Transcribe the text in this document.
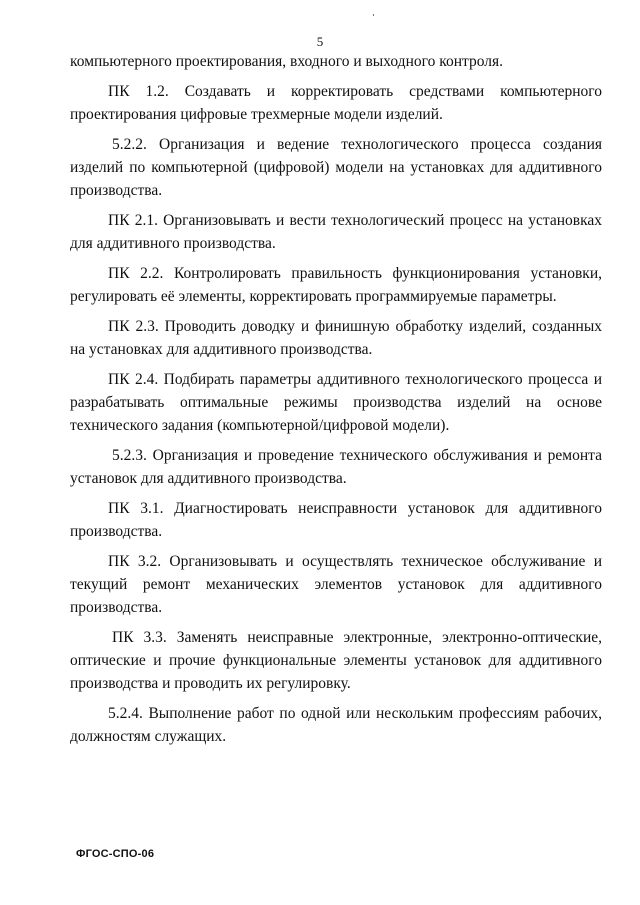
5

компьютерного проектирования, входного и выходного контроля.

ПК 1.2. Создавать и корректировать средствами компьютерного проектирования цифровые трехмерные модели изделий.

5.2.2. Организация и ведение технологического процесса создания изделий по компьютерной (цифровой) модели на установках для аддитивного производства.

ПК 2.1. Организовывать и вести технологический процесс на установках для аддитивного производства.

ПК 2.2. Контролировать правильность функционирования установки, регулировать её элементы, корректировать программируемые параметры.

ПК 2.3. Проводить доводку и финишную обработку изделий, созданных на установках для аддитивного производства.

ПК 2.4. Подбирать параметры аддитивного технологического процесса и разрабатывать оптимальные режимы производства изделий на основе технического задания (компьютерной/цифровой модели).

5.2.3. Организация и проведение технического обслуживания и ремонта установок для аддитивного производства.

ПК 3.1. Диагностировать неисправности установок для аддитивного производства.

ПК 3.2. Организовывать и осуществлять техническое обслуживание и текущий ремонт механических элементов установок для аддитивного производства.

ПК 3.3. Заменять неисправные электронные, электронно-оптические, оптические и прочие функциональные элементы установок для аддитивного производства и проводить их регулировку.

5.2.4. Выполнение работ по одной или нескольким профессиям рабочих, должностям служащих.

ФГОС-СПО-06
